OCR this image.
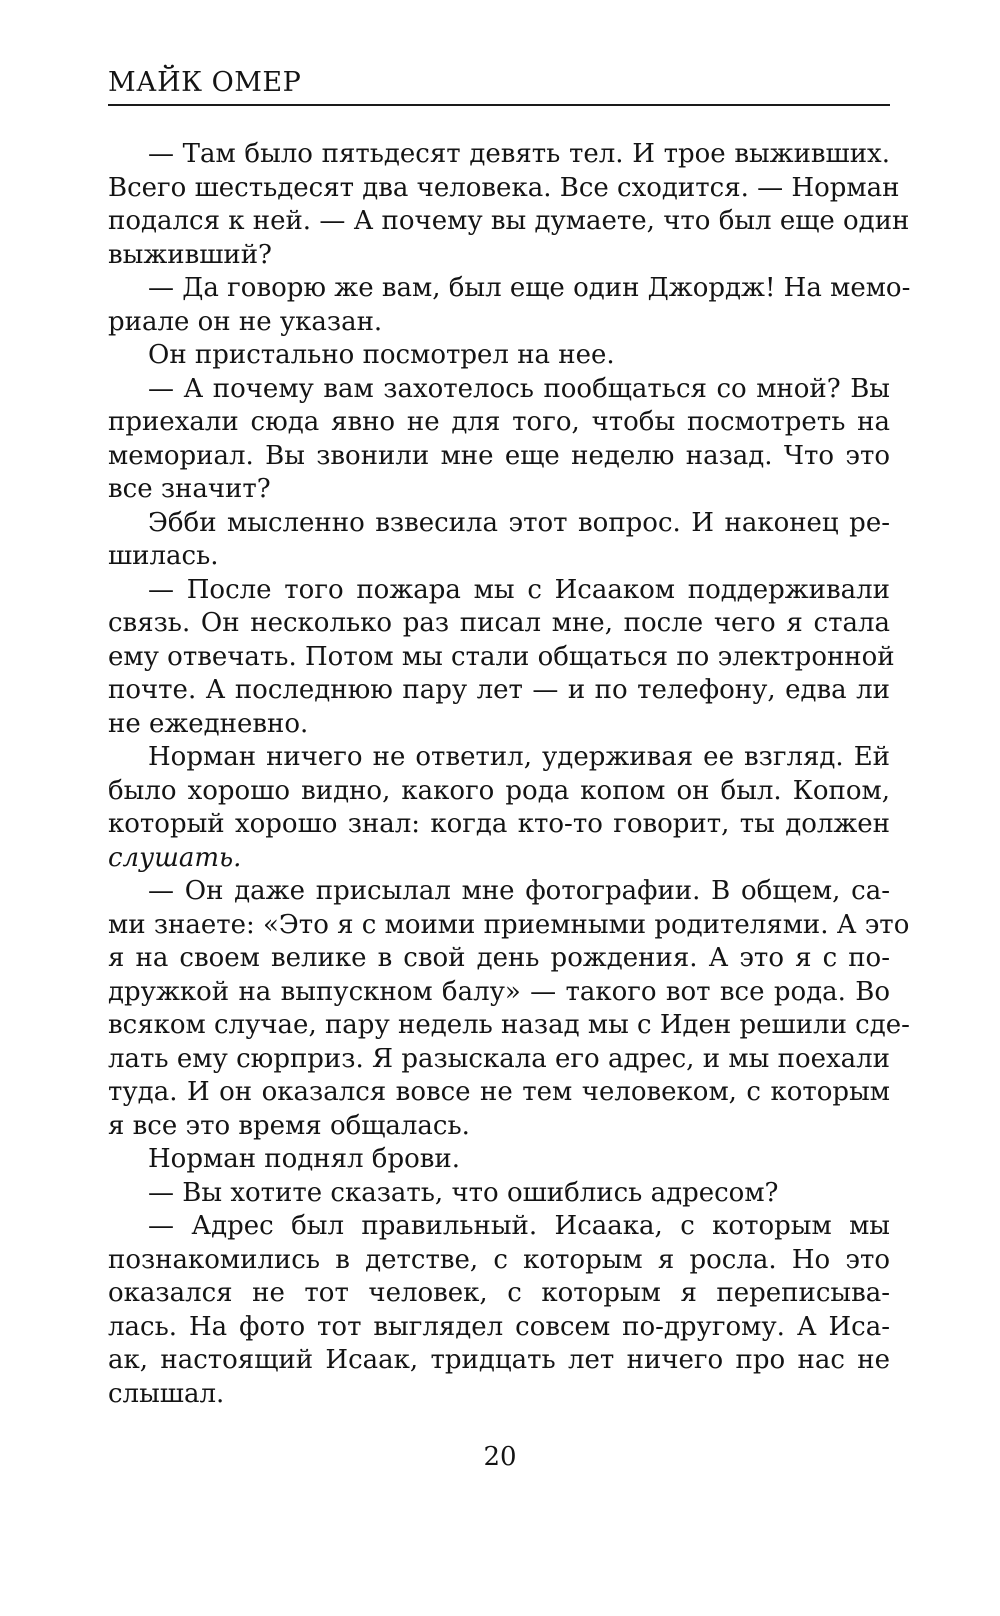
МАЙК ОМЕР
— Там было пятьдесят девять тел. И трое выживших.
Всего шестьдесят два человека. Все сходится. — Норман
подался к ней. — А почему вы думаете, что был еще один
выживший?
— Да говорю же вам, был еще один Джордж! На мемо-
риале он не указан.
Он пристально посмотрел на нее.
— А почему вам захотелось пообщаться со мной? Вы
приехали сюда явно не для того, чтобы посмотреть на
мемориал. Вы звонили мне еще неделю назад. Что это
все значит?
Эбби мысленно взвесила этот вопрос. И наконец ре-
шилась.
— После того пожара мы с Исааком поддерживали
связь. Он несколько раз писал мне, после чего я стала
ему отвечать. Потом мы стали общаться по электронной
почте. А последнюю пару лет — и по телефону, едва ли
не ежедневно.
Норман ничего не ответил, удерживая ее взгляд. Ей
было хорошо видно, какого рода копом он был. Копом,
который хорошо знал: когда кто-то говорит, ты должен
слушать.
— Он даже присылал мне фотографии. В общем, са-
ми знаете: «Это я с моими приемными родителями. А это
я на своем велике в свой день рождения. А это я с по-
дружкой на выпускном балу» — такого вот все рода. Во
всяком случае, пару недель назад мы с Иден решили сде-
лать ему сюрприз. Я разыскала его адрес, и мы поехали
туда. И он оказался вовсе не тем человеком, с которым
я все это время общалась.
Норман поднял брови.
— Вы хотите сказать, что ошиблись адресом?
— Адрес был правильный. Исаака, с которым мы
познакомились в детстве, с которым я росла. Но это
оказался не тот человек, с которым я переписыва-
лась. На фото тот выглядел совсем по-другому. А Иса-
ак, настоящий Исаак, тридцать лет ничего про нас не
слышал.
20
